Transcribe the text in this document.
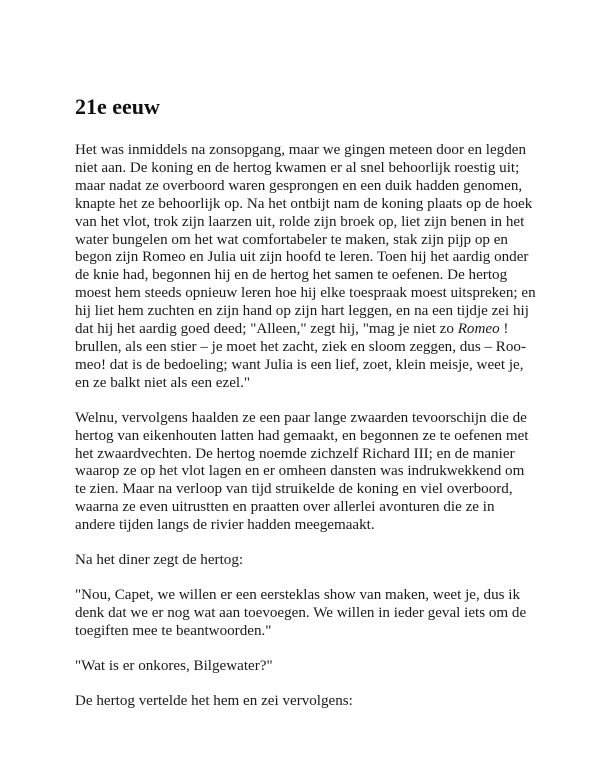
21e eeuw

Het was inmiddels na zonsopgang, maar we gingen meteen door en legden niet aan. De koning en de hertog kwamen er al snel behoorlijk roestig uit; maar nadat ze overboord waren gesprongen en een duik hadden genomen, knapte het ze behoorlijk op. Na het ontbijt nam de koning plaats op de hoek van het vlot, trok zijn laarzen uit, rolde zijn broek op, liet zijn benen in het water bungelen om het wat comfortabeler te maken, stak zijn pijp op en begon zijn Romeo en Julia uit zijn hoofd te leren. Toen hij het aardig onder de knie had, begonnen hij en de hertog het samen te oefenen. De hertog moest hem steeds opnieuw leren hoe hij elke toespraak moest uitspreken; en hij liet hem zuchten en zijn hand op zijn hart leggen, en na een tijdje zei hij dat hij het aardig goed deed; "Alleen," zegt hij, "mag je niet zo Romeo ! brullen, als een stier – je moet het zacht, ziek en sloom zeggen, dus – Roo-meo! dat is de bedoeling; want Julia is een lief, zoet, klein meisje, weet je, en ze balkt niet als een ezel."

Welnu, vervolgens haalden ze een paar lange zwaarden tevoorschijn die de hertog van eikenhouten latten had gemaakt, en begonnen ze te oefenen met het zwaardvechten. De hertog noemde zichzelf Richard III; en de manier waarop ze op het vlot lagen en er omheen dansten was indrukwekkend om te zien. Maar na verloop van tijd struikelde de koning en viel overboord, waarna ze even uitrustten en praatten over allerlei avonturen die ze in andere tijden langs de rivier hadden meegemaakt.

Na het diner zegt de hertog:

"Nou, Capet, we willen er een eersteklas show van maken, weet je, dus ik denk dat we er nog wat aan toevoegen. We willen in ieder geval iets om de toegiften mee te beantwoorden."

"Wat is er onkores, Bilgewater?"

De hertog vertelde het hem en zei vervolgens:
